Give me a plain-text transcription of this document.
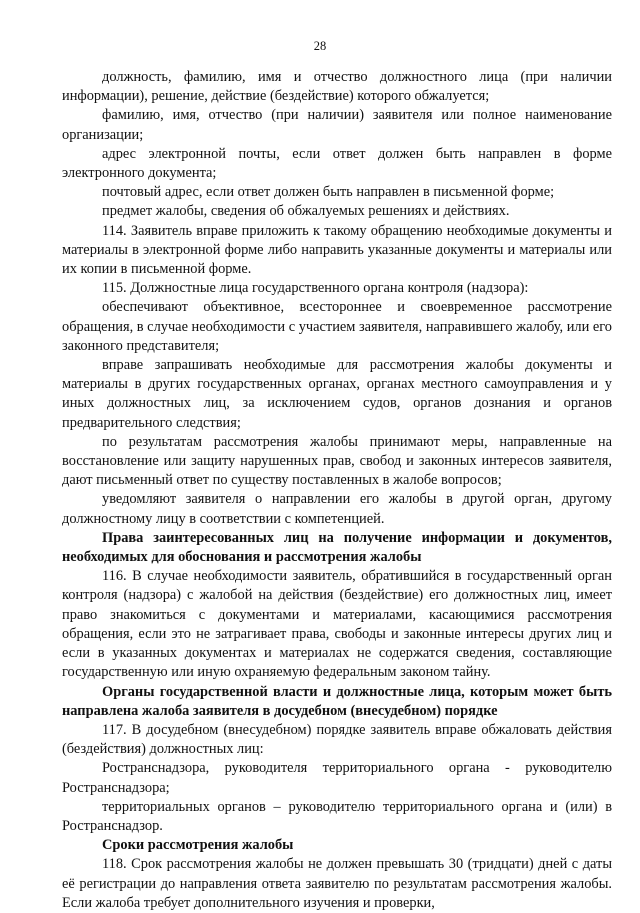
28

должность, фамилию, имя и отчество должностного лица (при наличии информации), решение, действие (бездействие) которого обжалуется;

фамилию, имя, отчество (при наличии) заявителя или полное наименование организации;

адрес электронной почты, если ответ должен быть направлен в форме электронного документа;

почтовый адрес, если ответ должен быть направлен в письменной форме;

предмет жалобы, сведения об обжалуемых решениях и действиях.

114. Заявитель вправе приложить к такому обращению необходимые документы и материалы в электронной форме либо направить указанные документы и материалы или их копии в письменной форме.

115. Должностные лица государственного органа контроля (надзора):

обеспечивают объективное, всестороннее и своевременное рассмотрение обращения, в случае необходимости с участием заявителя, направившего жалобу, или его законного представителя;

вправе запрашивать необходимые для рассмотрения жалобы документы и материалы в других государственных органах, органах местного самоуправления и у иных должностных лиц, за исключением судов, органов дознания и органов предварительного следствия;

по результатам рассмотрения жалобы принимают меры, направленные на восстановление или защиту нарушенных прав, свобод и законных интересов заявителя, дают письменный ответ по существу поставленных в жалобе вопросов;

уведомляют заявителя о направлении его жалобы в другой орган, другому должностному лицу в соответствии с компетенцией.

Права заинтересованных лиц на получение информации и документов, необходимых для обоснования и рассмотрения жалобы

116. В случае необходимости заявитель, обратившийся в государственный орган контроля (надзора) с жалобой на действия (бездействие) его должностных лиц, имеет право знакомиться с документами и материалами, касающимися рассмотрения обращения, если это не затрагивает права, свободы и законные интересы других лиц и если в указанных документах и материалах не содержатся сведения, составляющие государственную или иную охраняемую федеральным законом тайну.

Органы государственной власти и должностные лица, которым может быть направлена жалоба заявителя в досудебном (внесудебном) порядке

117. В досудебном (внесудебном) порядке заявитель вправе обжаловать действия (бездействия) должностных лиц:

Ространснадзора, руководителя территориального органа - руководителю Ространснадзора;

территориальных органов – руководителю территориального органа и (или) в Ространснадзор.

Сроки рассмотрения жалобы

118. Срок рассмотрения жалобы не должен превышать 30 (тридцати) дней с даты её регистрации до направления ответа заявителю по результатам рассмотрения жалобы. Если жалоба требует дополнительного изучения и проверки,
